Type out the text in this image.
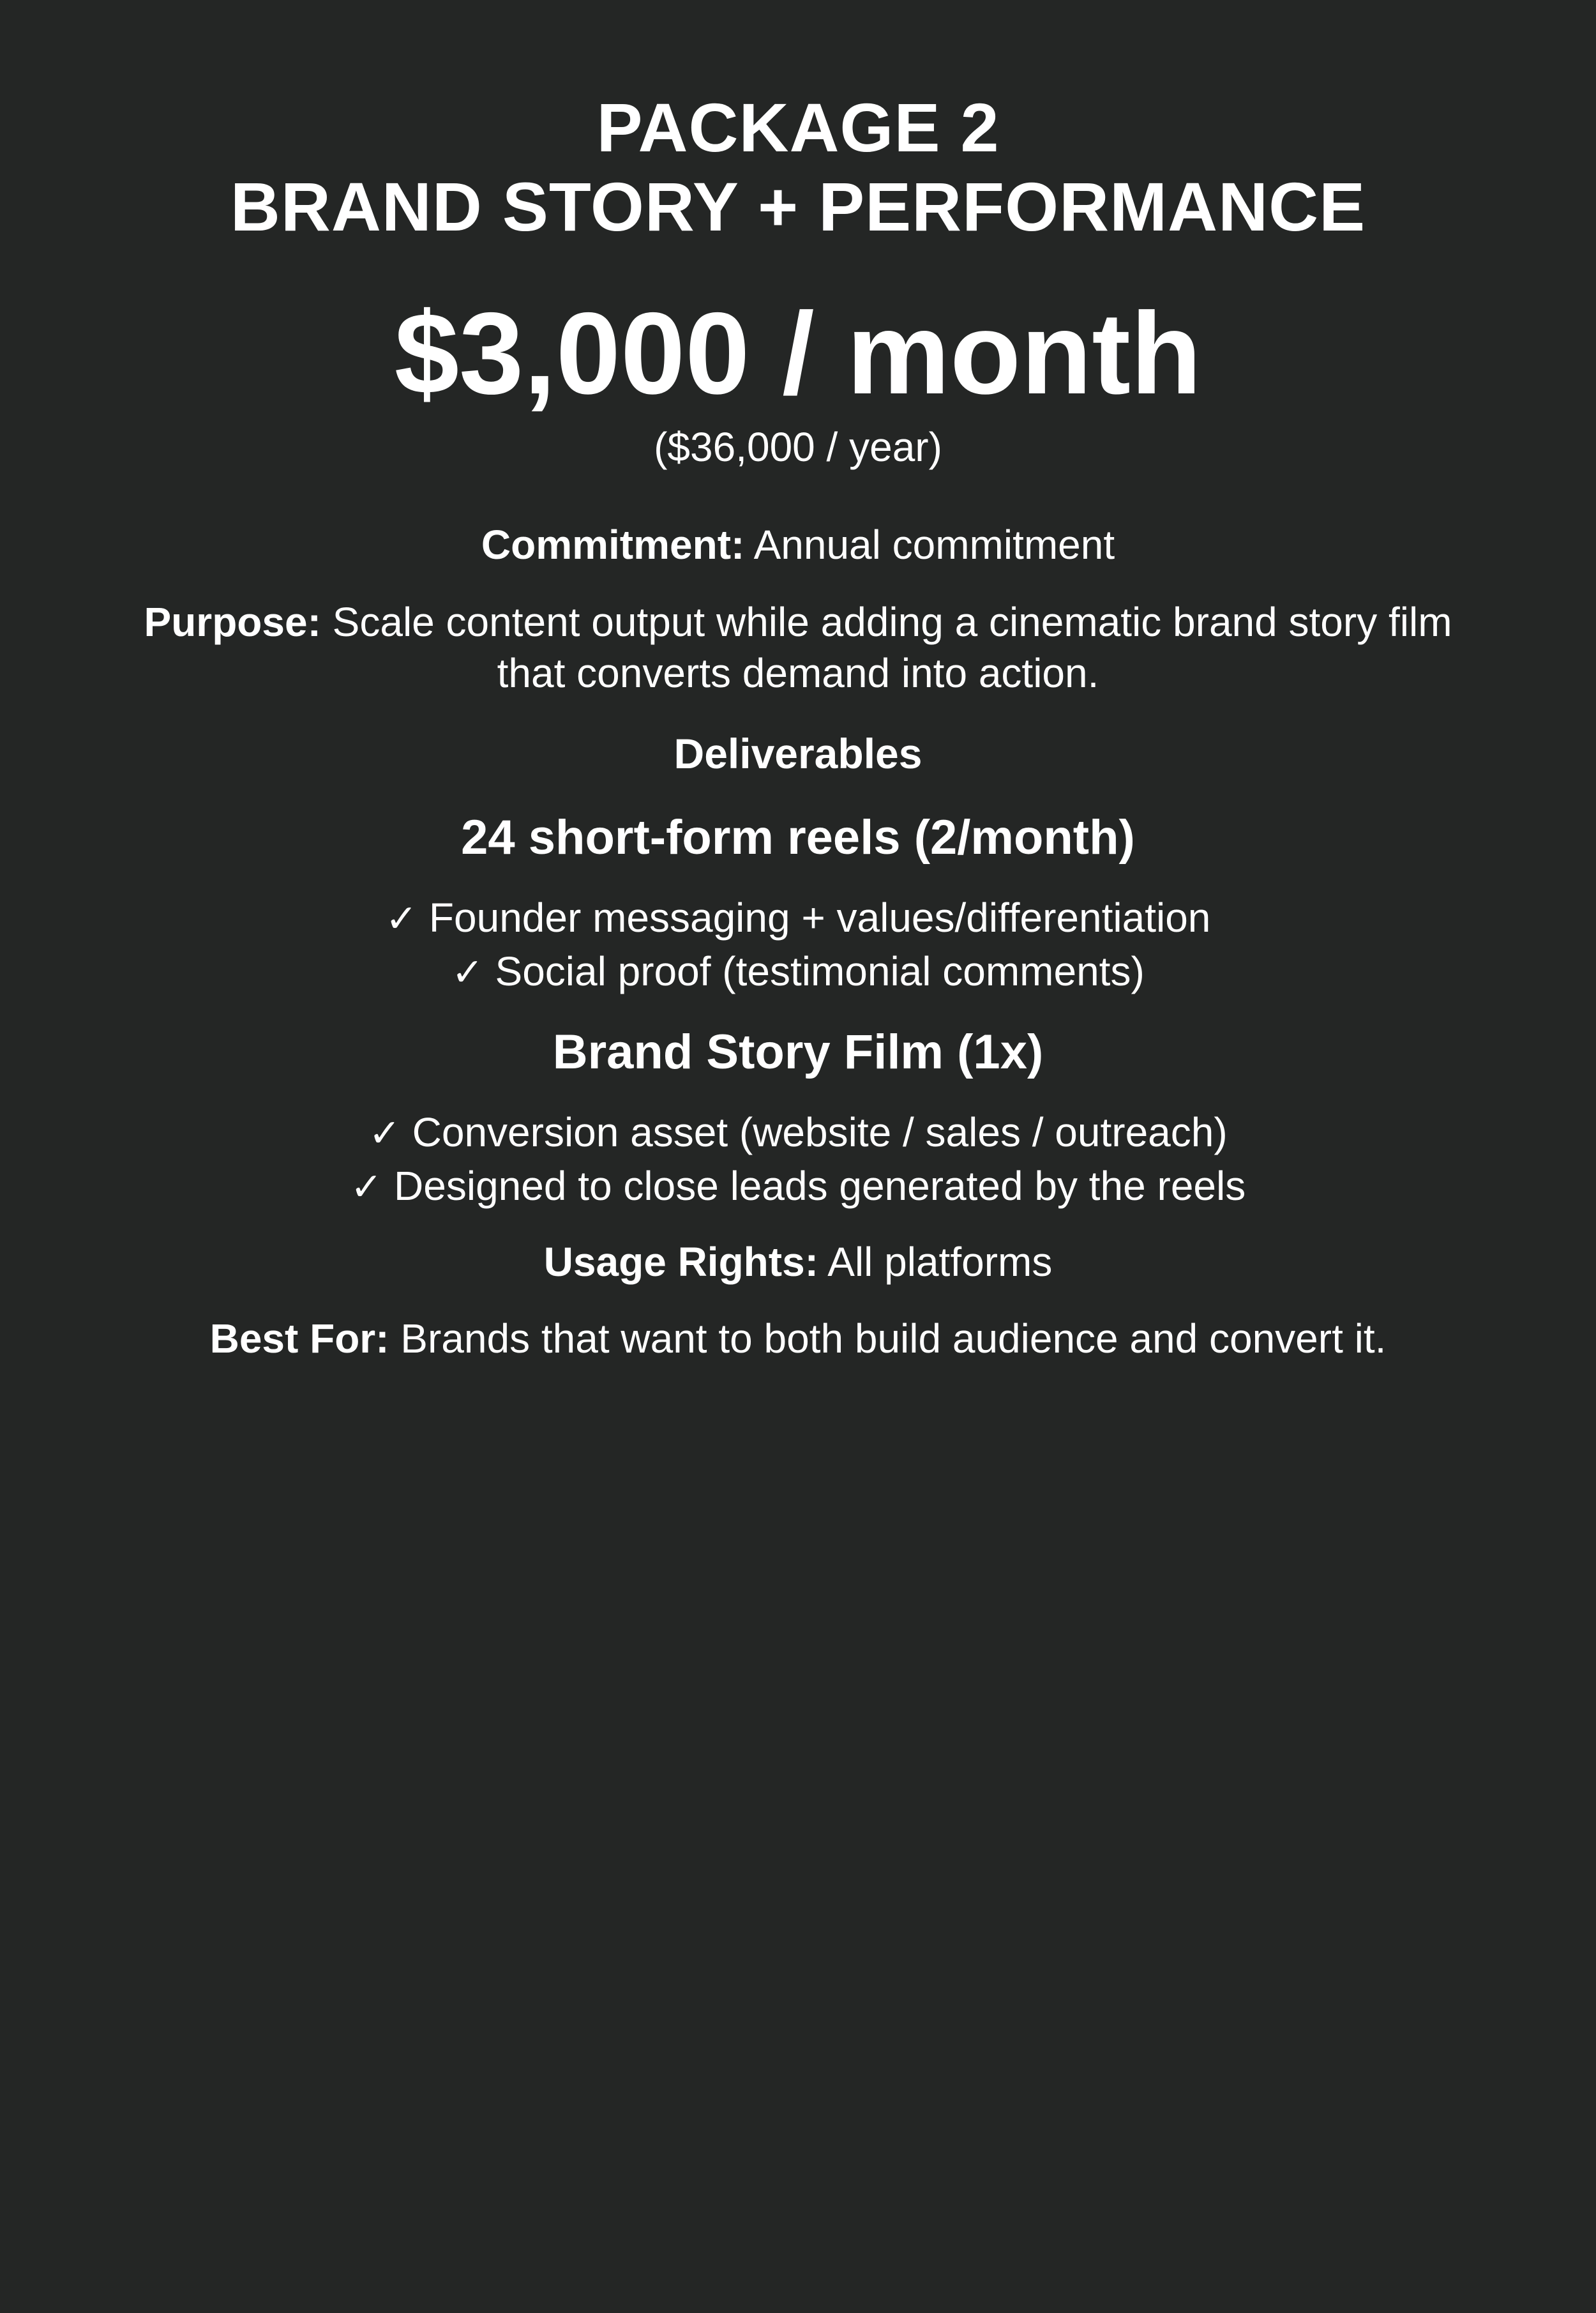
PACKAGE 2
BRAND STORY + PERFORMANCE
$3,000 / month
($36,000 / year)

Commitment: Annual commitment

Purpose: Scale content output while adding a cinematic brand story film that converts demand into action.

Deliverables
24 short-form reels (2/month)
✓ Founder messaging + values/differentiation
✓ Social proof (testimonial comments)
Brand Story Film (1x)
✓ Conversion asset (website / sales / outreach)
✓ Designed to close leads generated by the reels

Usage Rights: All platforms

Best For: Brands that want to both build audience and convert it.
